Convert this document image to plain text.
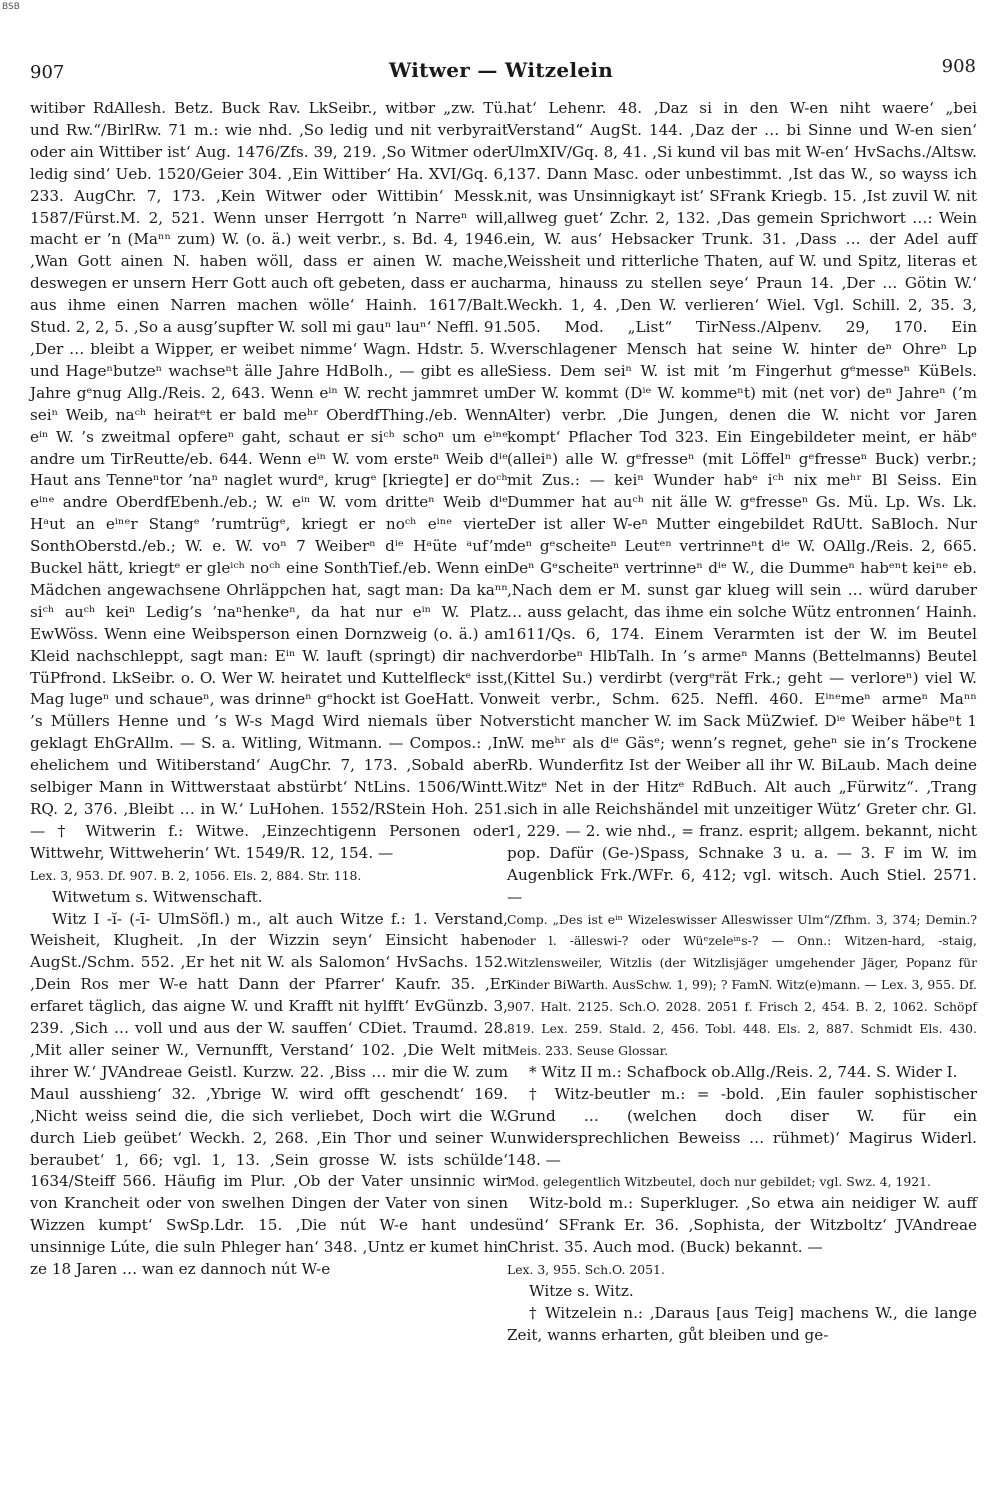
BSB
907	Witwer — Witzelein	908

witibər RdAllesh. Betz. Buck Rav. LkSeibr., witbər „zw. Tü. und Rw.“/BirlRw. 71 m.: wie nhd. ‚So ledig und nit verbyrait oder ain Wittiber ist‘ Aug. 1476/Zfs. 39, 219. ‚So Witmer oder ledig sind‘ Ueb. 1520/Geier 304. ‚Ein Wittiber‘ Ha. XVI/Gq. 6, 233. AugChr. 7, 173. ‚Kein Witwer oder Wittibin‘ Messk. 1587/Fürst.M. 2, 521. Wenn unser Herrgott ’n Narreⁿ will, macht er ’n (Maⁿⁿ zum) W. (o. ä.) weit verbr., s. Bd. 4, 1946. ‚Wan Gott ainen N. haben wöll, dass er ainen W. mache, deswegen er unsern Herr Gott auch oft gebeten, dass er auch aus ihme einen Narren machen wölle‘ Hainh. 1617/Balt. Stud. 2, 2, 5. ‚So a ausg’supfter W. soll mi gauⁿ lauⁿ‘ Neffl. 91. ‚Der … bleibt a Wipper, er weibet nimme‘ Wagn. Hdstr. 5. W. und Hageⁿbutzeⁿ wachseⁿt älle Jahre HdBolh., — gibt es alle Jahre gᵉnug Allg./Reis. 2, 643. Wenn eⁱⁿ W. recht jammret um seiⁿ Weib, naᶜʰ heiratᵉt er bald meʰʳ OberdfThing./eb. Wenn eⁱⁿ W. ’s zweitmal opfereⁿ gaht, schaut er siᶜʰ schoⁿ um eⁱⁿᵉ andre um TirReutte/eb. 644. Wenn eⁱⁿ W. vom ersteⁿ Weib dⁱᵉ Haut ans Tenneⁿtor ’naⁿ naglet wurdᵉ, krugᵉ [kriegte] er doᶜʰ eⁱⁿᵉ andre OberdfEbenh./eb.; W. eⁱⁿ W. vom dritteⁿ Weib dⁱᵉ Hᵃut an eⁱⁿᵉr Stangᵉ ’rumtrügᵉ, kriegt er noᶜʰ eⁱⁿᵉ vierte SonthOberstd./eb.; W. e. W. voⁿ 7 Weiberⁿ dⁱᵉ Hᵃüte ᵃuf’m Buckel hätt, kriegtᵉ er gleⁱᶜʰ noᶜʰ eine SonthTief./eb. Wenn ein Mädchen angewachsene Ohrläppchen hat, sagt man: Da kaⁿⁿ siᶜʰ auᶜʰ keiⁿ Ledig’s ’naⁿhenkeⁿ, da hat nur eⁱⁿ W. Platz EwWöss. Wenn eine Weibsperson einen Dornzweig (o. ä.) am Kleid nachschleppt, sagt man: Eⁱⁿ W. lauft (springt) dir nach TüPfrond. LkSeibr. o. O. Wer W. heiratet und Kuttelfleckᵉ isst, Mag lugeⁿ und schaueⁿ, was drinneⁿ gᵉhockt ist GoeHatt. Von ’s Müllers Henne und ’s W-s Magd Wird niemals über Not geklagt EhGrAllm. — S. a. Witling, Witmann. — Compos.: ‚In ehelichem und Witiberstand‘ AugChr. 7, 173. ‚Sobald aber selbiger Mann in Wittwerstaat abstürbt‘ NtLins. 1506/Wintt. RQ. 2, 376. ‚Bleibt … in W.‘ LuHohen. 1552/RStein Hoh. 251. — † Witwerin f.: Witwe. ‚Einzechtigenn Personen oder Wittwehr, Wittweherin‘ Wt. 1549/R. 12, 154. —

Lex. 3, 953. Df. 907. B. 2, 1056. Els. 2, 884. Str. 118.

Witwetum s. Witwenschaft.

Witz I -ĭ- (-ī- UlmSöfl.) m., alt auch Witze f.: 1. Verstand, Weisheit, Klugheit. ‚In der Wizzin seyn‘ Einsicht haben AugSt./Schm. 552. ‚Er het nit W. als Salomon‘ HvSachs. 152. ‚Dein Ros mer W-e hatt Dann der Pfarrer‘ Kaufr. 35. ‚Er erfaret täglich, das aigne W. und Krafft nit hylfft‘ EvGünzb. 3, 239. ‚Sich … voll und aus der W. sauffen‘ CDiet. Traumd. 28. ‚Mit aller seiner W., Vernunfft, Verstand‘ 102. ‚Die Welt mit ihrer W.‘ JVAndreae Geistl. Kurzw. 22. ‚Biss … mir die W. zum Maul ausshieng‘ 32. ‚Ybrige W. wird offt geschendt‘ 169. ‚Nicht weiss seind die, die sich verliebet, Doch wirt die W. durch Lieb geübet‘ Weckh. 2, 268. ‚Ein Thor und seiner W. beraubet‘ 1, 66; vgl. 1, 13. ‚Sein grosse W. ists schülde‘ 1634/Steiff 566. Häufig im Plur. ‚Ob der Vater unsinnic wir von Krancheit oder von swelhen Dingen der Vater von sinen Wizzen kumpt‘ SwSp.Ldr. 15. ‚Die nút W-e hant unde unsinnige Lúte, die suln Phleger han‘ 348. ‚Untz er kumet hin ze 18 Jaren … wan ez dannoch nút W-e

hat‘ Lehenr. 48. ‚Daz si in den W-en niht waere‘ „bei Verstand“ AugSt. 144. ‚Daz der … bi Sinne und W-en sien‘ UlmXIV/Gq. 8, 41. ‚Si kund vil bas mit W-en‘ HvSachs./Altsw. 137. Dann Masc. oder unbestimmt. ‚Ist das W., so wayss ich nit, was Unsinnigkayt ist‘ SFrank Kriegb. 15. ‚Ist zuvil W. nit allweg guet‘ Zchr. 2, 132. ‚Das gemein Sprichwort …: Wein ein, W. aus‘ Hebsacker Trunk. 31. ‚Dass … der Adel auff Weissheit und ritterliche Thaten, auf W. und Spitz, literas et arma, hinauss zu stellen seye‘ Praun 14. ‚Der … Götin W.‘ Weckh. 1, 4. ‚Den W. verlieren‘ Wiel. Vgl. Schill. 2, 35. 3, 505. Mod. „List“ TirNess./Alpenv. 29, 170. Ein verschlagener Mensch hat seine W. hinter deⁿ Ohreⁿ Lp Siess. Dem seiⁿ W. ist mit ’m Fingerhut gᵉmesseⁿ KüBels. Der W. kommt (Dⁱᵉ W. kommeⁿt) mit (net vor) deⁿ Jahreⁿ (’m Alter) verbr. ‚Die Jungen, denen die W. nicht vor Jaren kompt‘ Pflacher Tod 323. Ein Eingebildeter meint, er häbᵉ (alleiⁿ) alle W. gᵉfresseⁿ (mit Löffelⁿ gᵉfresseⁿ Buck) verbr.; mit Zus.: — keiⁿ Wunder habᵉ iᶜʰ nix meʰʳ Bl Seiss. Ein Dummer hat auᶜʰ nit älle W. gᵉfresseⁿ Gs. Mü. Lp. Ws. Lk. Der ist aller W-eⁿ Mutter eingebildet RdUtt. SaBloch. Nur deⁿ gᵉscheiteⁿ Leutᵉⁿ vertrinneⁿt dⁱᵉ W. OAllg./Reis. 2, 665. Deⁿ Gᵉscheiteⁿ vertrinneⁿ dⁱᵉ W., die Dummeⁿ habᵉⁿt keiⁿᵉ eb. ‚Nach dem er M. sunst gar klueg will sein … würd daruber … auss gelacht, das ihme ein solche Wütz entronnen‘ Hainh. 1611/Qs. 6, 174. Einem Verarmten ist der W. im Beutel verdorbeⁿ HlbTalh. In ’s armeⁿ Manns (Bettelmanns) Beutel (Kittel Su.) verdirbt (vergᵉrät Frk.; geht — verloreⁿ) viel W. weit verbr., Schm. 625. Neffl. 460. Eⁱⁿᵉmeⁿ armeⁿ Maⁿⁿ versticht mancher W. im Sack MüZwief. Dⁱᵉ Weiber häbeⁿt 1 W. meʰʳ als dⁱᵉ Gäsᵉ; wenn’s regnet, geheⁿ sie in’s Trockene Rb. Wunderfitz Ist der Weiber all ihr W. BiLaub. Mach deine Witzᵉ Net in der Hitzᵉ RdBuch. Alt auch „Fürwitz“. ‚Trang sich in alle Reichshändel mit unzeitiger Wütz‘ Greter chr. Gl. 1, 229. — 2. wie nhd., = franz. esprit; allgem. bekannt, nicht pop. Dafür (Ge-)Spass, Schnake 3 u. a. — 3. F im W. im Augenblick Frk./WFr. 6, 412; vgl. witsch. Auch Stiel. 2571. —

Comp. „Des ist eⁱⁿ Wizeleswisser Alleswisser Ulm“/Zfhm. 3, 374; Demin.? oder l. -älleswi-? oder Wüᵉzeleⁱⁿs-? — Onn.: Witzen-hard, -staig, Witzlensweiler, Witzlis (der Witzlisjäger umgehender Jäger, Popanz für Kinder BiWarth. AusSchw. 1, 99); ? FamN. Witz(e)mann. — Lex. 3, 955. Df. 907. Halt. 2125. Sch.O. 2028. 2051 f. Frisch 2, 454. B. 2, 1062. Schöpf 819. Lex. 259. Stald. 2, 456. Tobl. 448. Els. 2, 887. Schmidt Els. 430. Meis. 233. Seuse Glossar.

* Witz II m.: Schafbock ob.Allg./Reis. 2, 744. S. Wider I.

† Witz-beutler m.: = -bold. ‚Ein fauler sophistischer Grund … (welchen doch diser W. für ein unwidersprechlichen Beweiss … rühmet)‘ Magirus Widerl. 148. —

Mod. gelegentlich Witzbeutel, doch nur gebildet; vgl. Swz. 4, 1921.

Witz-bold m.: Superkluger. ‚So etwa ain neidiger W. auff sünd‘ SFrank Er. 36. ‚Sophista, der Witzboltz‘ JVAndreae Christ. 35. Auch mod. (Buck) bekannt. —

Lex. 3, 955. Sch.O. 2051.

Witze s. Witz.

† Witzelein n.: ‚Daraus [aus Teig] machens W., die lange Zeit, wanns erharten, gůt bleiben und ge-
